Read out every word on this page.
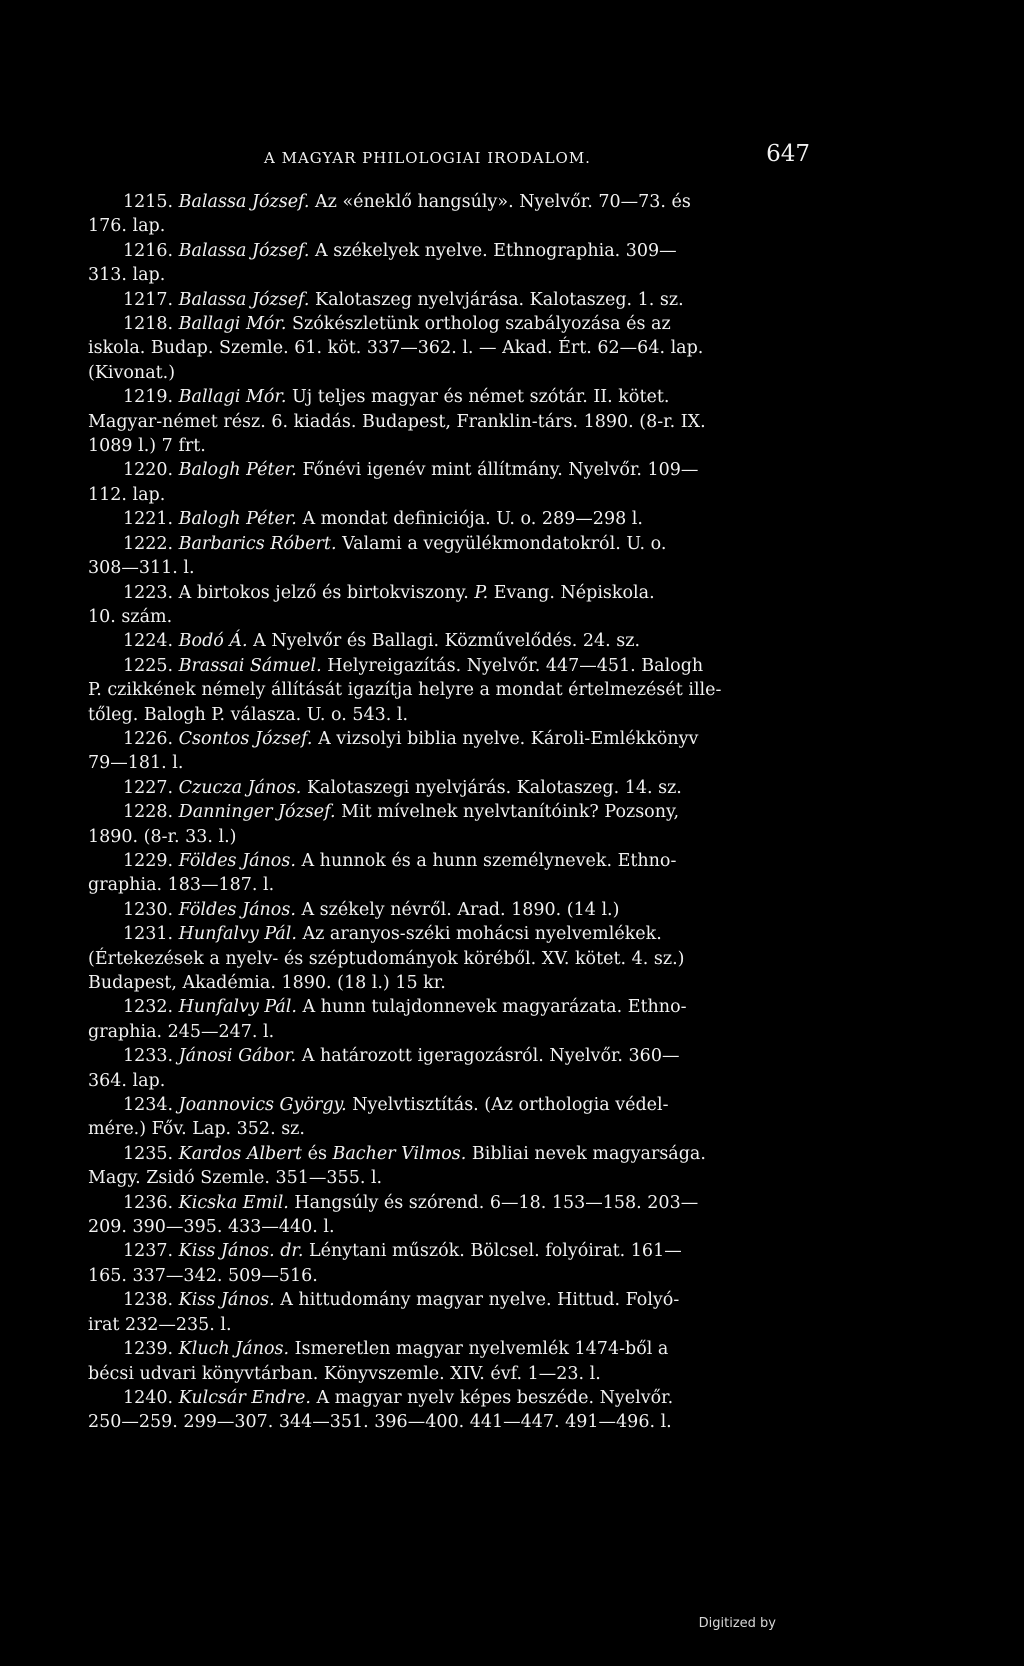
A MAGYAR PHILOLOGIAI IRODALOM.	647

1215. Balassa József. Az «éneklő hangsúly». Nyelvőr. 70—73. és

176. lap.

1216. Balassa József. A székelyek nyelve. Ethnographia. 309—

313. lap.

1217. Balassa József. Kalotaszeg nyelvjárása. Kalotaszeg. 1. sz.

1218. Ballagi Mór. Szókészletünk ortholog szabályozása és az

iskola. Budap. Szemle. 61. köt. 337—362. l. — Akad. Ért. 62—64. lap.

(Kivonat.)

1219. Ballagi Mór. Uj teljes magyar és német szótár. II. kötet.

Magyar-német rész. 6. kiadás. Budapest, Franklin-társ. 1890. (8-r. IX.

1089 l.) 7 frt.

1220. Balogh Péter. Főnévi igenév mint állítmány. Nyelvőr. 109—

112. lap.

1221. Balogh Péter. A mondat definiciója. U. o. 289—298 l.

1222. Barbarics Róbert. Valami a vegyülékmondatokról. U. o.

308—311. l.

1223. A birtokos jelző és birtokviszony. P. Evang. Népiskola.

10. szám.

1224. Bodó Á. A Nyelvőr és Ballagi. Közművelődés. 24. sz.

1225. Brassai Sámuel. Helyreigazítás. Nyelvőr. 447—451. Balogh

P. czikkének némely állítását igazítja helyre a mondat értelmezését ille-

tőleg. Balogh P. válasza. U. o. 543. l.

1226. Csontos József. A vizsolyi biblia nyelve. Károli-Emlékkönyv

79—181. l.

1227. Czucza János. Kalotaszegi nyelvjárás. Kalotaszeg. 14. sz.

1228. Danninger József. Mit mívelnek nyelvtanítóink? Pozsony,

1890. (8-r. 33. l.)

1229. Földes János. A hunnok és a hunn személynevek. Ethno-

graphia. 183—187. l.

1230. Földes János. A székely névről. Arad. 1890. (14 l.)

1231. Hunfalvy Pál. Az aranyos-széki mohácsi nyelvemlékek.

(Értekezések a nyelv- és széptudományok köréből. XV. kötet. 4. sz.)

Budapest, Akadémia. 1890. (18 l.) 15 kr.

1232. Hunfalvy Pál. A hunn tulajdonnevek magyarázata. Ethno-

graphia. 245—247. l.

1233. Jánosi Gábor. A határozott igeragozásról. Nyelvőr. 360—

364. lap.

1234. Joannovics György. Nyelvtisztítás. (Az orthologia védel-

mére.) Főv. Lap. 352. sz.

1235. Kardos Albert és Bacher Vilmos. Bibliai nevek magyarsága.

Magy. Zsidó Szemle. 351—355. l.

1236. Kicska Emil. Hangsúly és szórend. 6—18. 153—158. 203—

209. 390—395. 433—440. l.

1237. Kiss János. dr. Lénytani műszók. Bölcsel. folyóirat. 161—

165. 337—342. 509—516.

1238. Kiss János. A hittudomány magyar nyelve. Hittud. Folyó-

irat 232—235. l.

1239. Kluch János. Ismeretlen magyar nyelvemlék 1474-ből a

bécsi udvari könyvtárban. Könyvszemle. XIV. évf. 1—23. l.

1240. Kulcsár Endre. A magyar nyelv képes beszéde. Nyelvőr.

250—259. 299—307. 344—351. 396—400. 441—447. 491—496. l.

Digitized by
